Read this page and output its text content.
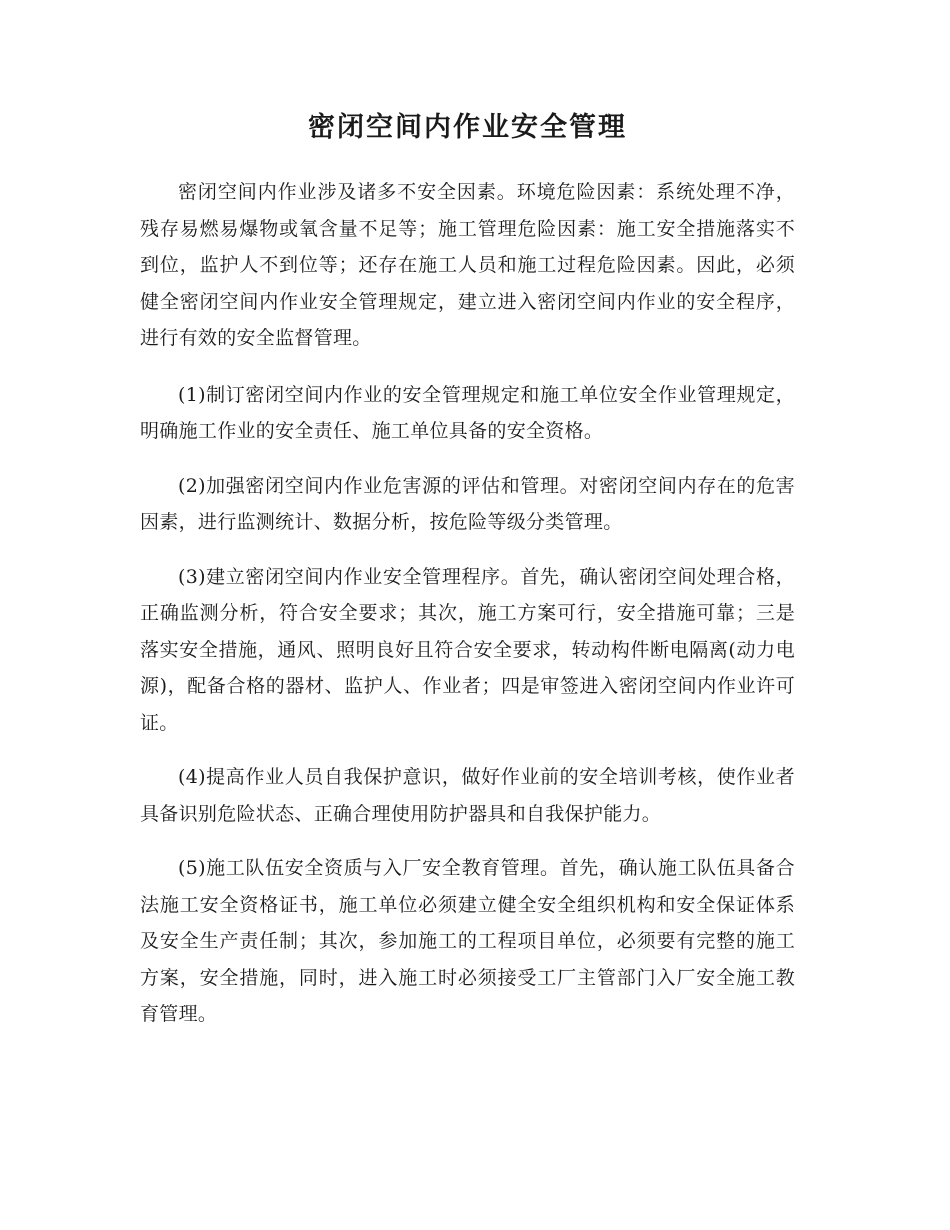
密闭空间内作业安全管理

密闭空间内作业涉及诸多不安全因素。环境危险因素：系统处理不净，残存易燃易爆物或氧含量不足等；施工管理危险因素：施工安全措施落实不到位，监护人不到位等；还存在施工人员和施工过程危险因素。因此，必须健全密闭空间内作业安全管理规定，建立进入密闭空间内作业的安全程序，进行有效的安全监督管理。

(1)制订密闭空间内作业的安全管理规定和施工单位安全作业管理规定，明确施工作业的安全责任、施工单位具备的安全资格。

(2)加强密闭空间内作业危害源的评估和管理。对密闭空间内存在的危害因素，进行监测统计、数据分析，按危险等级分类管理。

(3)建立密闭空间内作业安全管理程序。首先，确认密闭空间处理合格，正确监测分析，符合安全要求；其次，施工方案可行，安全措施可靠；三是落实安全措施，通风、照明良好且符合安全要求，转动构件断电隔离(动力电源)，配备合格的器材、监护人、作业者；四是审签进入密闭空间内作业许可证。

(4)提高作业人员自我保护意识，做好作业前的安全培训考核，使作业者具备识别危险状态、正确合理使用防护器具和自我保护能力。

(5)施工队伍安全资质与入厂安全教育管理。首先，确认施工队伍具备合法施工安全资格证书，施工单位必须建立健全安全组织机构和安全保证体系及安全生产责任制；其次，参加施工的工程项目单位，必须要有完整的施工方案，安全措施，同时，进入施工时必须接受工厂主管部门入厂安全施工教育管理。
